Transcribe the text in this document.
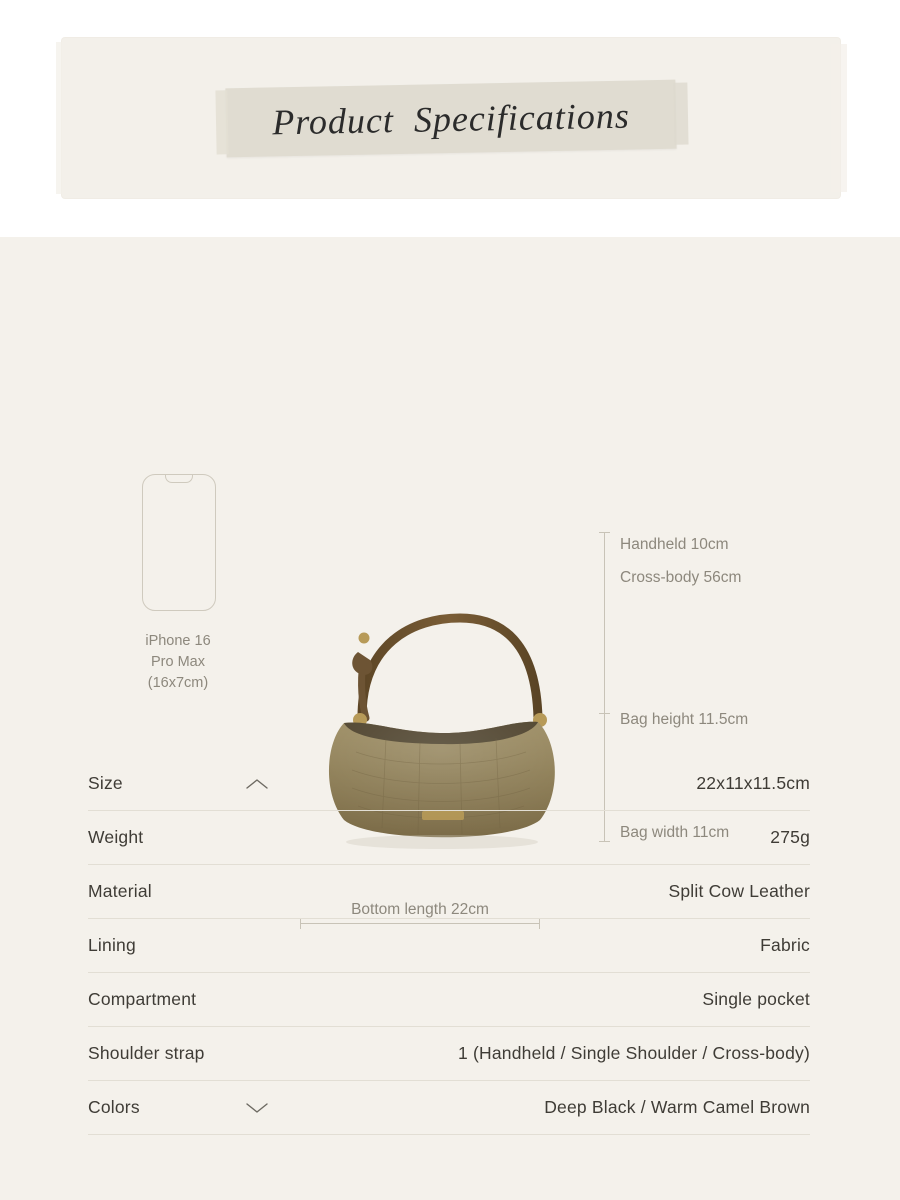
Product  Specifications
iPhone 16
Pro Max
(16x7cm)
Handheld 10cm
Cross-body 56cm
Bag height 11.5cm
Bag width 11cm
Bottom length 22cm
Size	22x11x11.5cm
Weight	275g
Material	Split Cow Leather
Lining	Fabric
Compartment	Single pocket
Shoulder strap	1 (Handheld / Single Shoulder / Cross-body)
Colors	Deep Black / Warm Camel Brown
